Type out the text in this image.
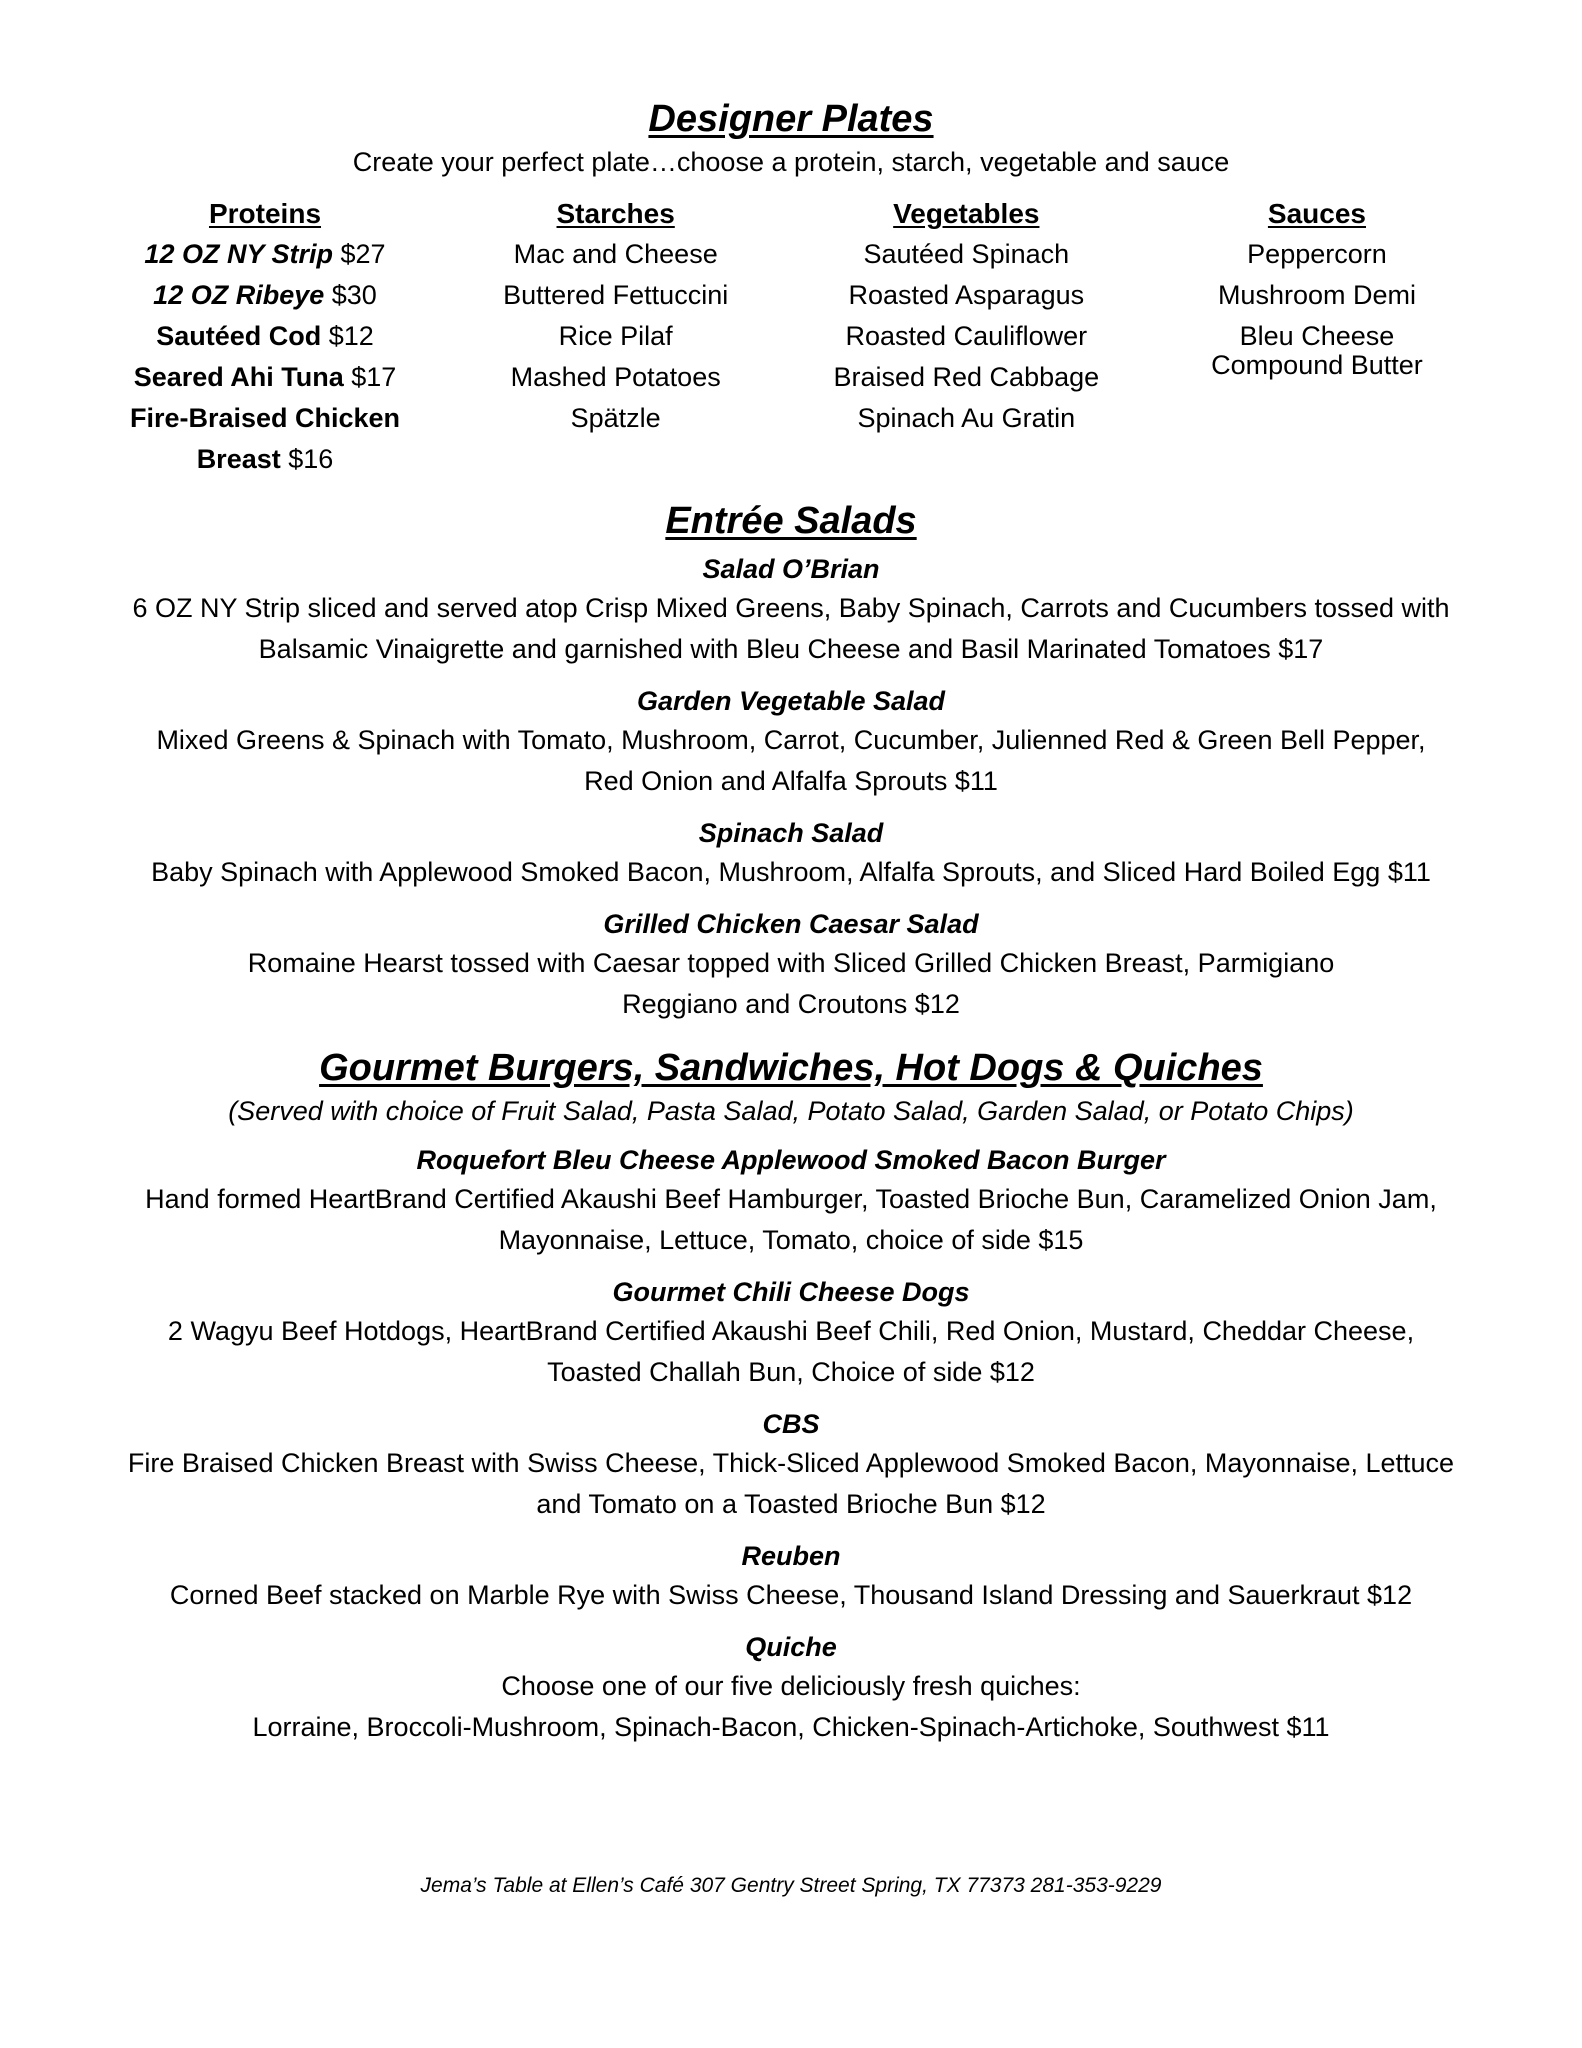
Designer Plates

Create your perfect plate…choose a protein, starch, vegetable and sauce

Proteins
12 OZ NY Strip $27
12 OZ Ribeye $30
Sautéed Cod $12
Seared Ahi Tuna $17
Fire-Braised Chicken
Breast $16
Starches
Mac and Cheese
Buttered Fettuccini
Rice Pilaf
Mashed Potatoes
Spätzle
Vegetables
Sautéed Spinach
Roasted Asparagus
Roasted Cauliflower
Braised Red Cabbage
Spinach Au Gratin
Sauces
Peppercorn
Mushroom Demi
Bleu Cheese
Compound Butter
Entrée Salads
Salad O’Brian
6 OZ NY Strip sliced and served atop Crisp Mixed Greens, Baby Spinach, Carrots and Cucumbers tossed with
Balsamic Vinaigrette and garnished with Bleu Cheese and Basil Marinated Tomatoes $17
Garden Vegetable Salad
Mixed Greens & Spinach with Tomato, Mushroom, Carrot, Cucumber, Julienned Red & Green Bell Pepper,
Red Onion and Alfalfa Sprouts $11
Spinach Salad
Baby Spinach with Applewood Smoked Bacon, Mushroom, Alfalfa Sprouts, and Sliced Hard Boiled Egg $11
Grilled Chicken Caesar Salad
Romaine Hearst tossed with Caesar topped with Sliced Grilled Chicken Breast, Parmigiano
Reggiano and Croutons $12
Gourmet Burgers, Sandwiches, Hot Dogs & Quiches

(Served with choice of Fruit Salad, Pasta Salad, Potato Salad, Garden Salad, or Potato Chips)

Roquefort Bleu Cheese Applewood Smoked Bacon Burger
Hand formed HeartBrand Certified Akaushi Beef Hamburger, Toasted Brioche Bun, Caramelized Onion Jam,
Mayonnaise, Lettuce, Tomato, choice of side $15
Gourmet Chili Cheese Dogs
2 Wagyu Beef Hotdogs, HeartBrand Certified Akaushi Beef Chili, Red Onion, Mustard, Cheddar Cheese,
Toasted Challah Bun, Choice of side $12
CBS
Fire Braised Chicken Breast with Swiss Cheese, Thick-Sliced Applewood Smoked Bacon, Mayonnaise, Lettuce
and Tomato on a Toasted Brioche Bun $12
Reuben
Corned Beef stacked on Marble Rye with Swiss Cheese, Thousand Island Dressing and Sauerkraut $12
Quiche
Choose one of our five deliciously fresh quiches:
Lorraine, Broccoli-Mushroom, Spinach-Bacon, Chicken-Spinach-Artichoke, Southwest $11
Jema’s Table at Ellen’s Café 307 Gentry Street Spring, TX 77373 281-353-9229
